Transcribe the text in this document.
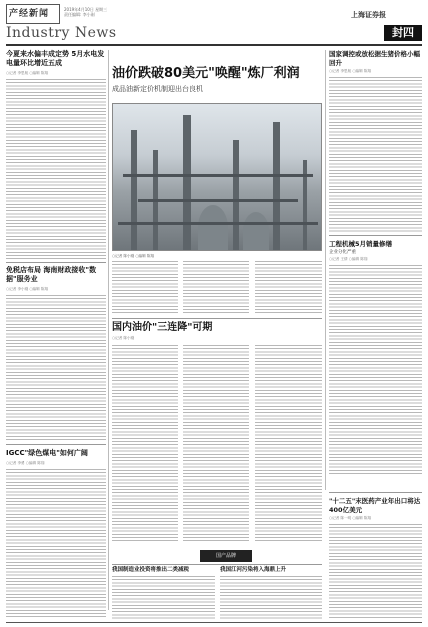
产经新闻	2019年4月10日 星期三
责任编辑: 李小刚
Industry News
上海证券报
封四
今夏来水偏丰成定势 5月水电发电量环比增近五成
○记者 李思航 ○编辑 陈翔
免税店布局 海南财政接收"数据"服务业
○记者 李小刚 ○编辑 陈翔
IGCC"绿色煤电"如何广阔
○记者 李勇 ○编辑 陈翔
油价跌破80美元"唤醒"炼厂利润
成品油新定价机制迎出台良机
○记者 陈小刚 ○编辑 陈翔
国内油价"三连降"可期
○记者 陈小刚
国产品牌
国家调控或放松据生猪价格小幅回升
○记者 李思航 ○编辑 陈翔
工程机械5月销量修缮
企业分化严重
○记者 王倩 ○编辑 陈翔
"十二五"末医药产业年出口将达400亿美元
○记者 陈一明 ○编辑 陈翔
我国制造业投资将推出二类减税	我国江河污染将入海鼎上升
